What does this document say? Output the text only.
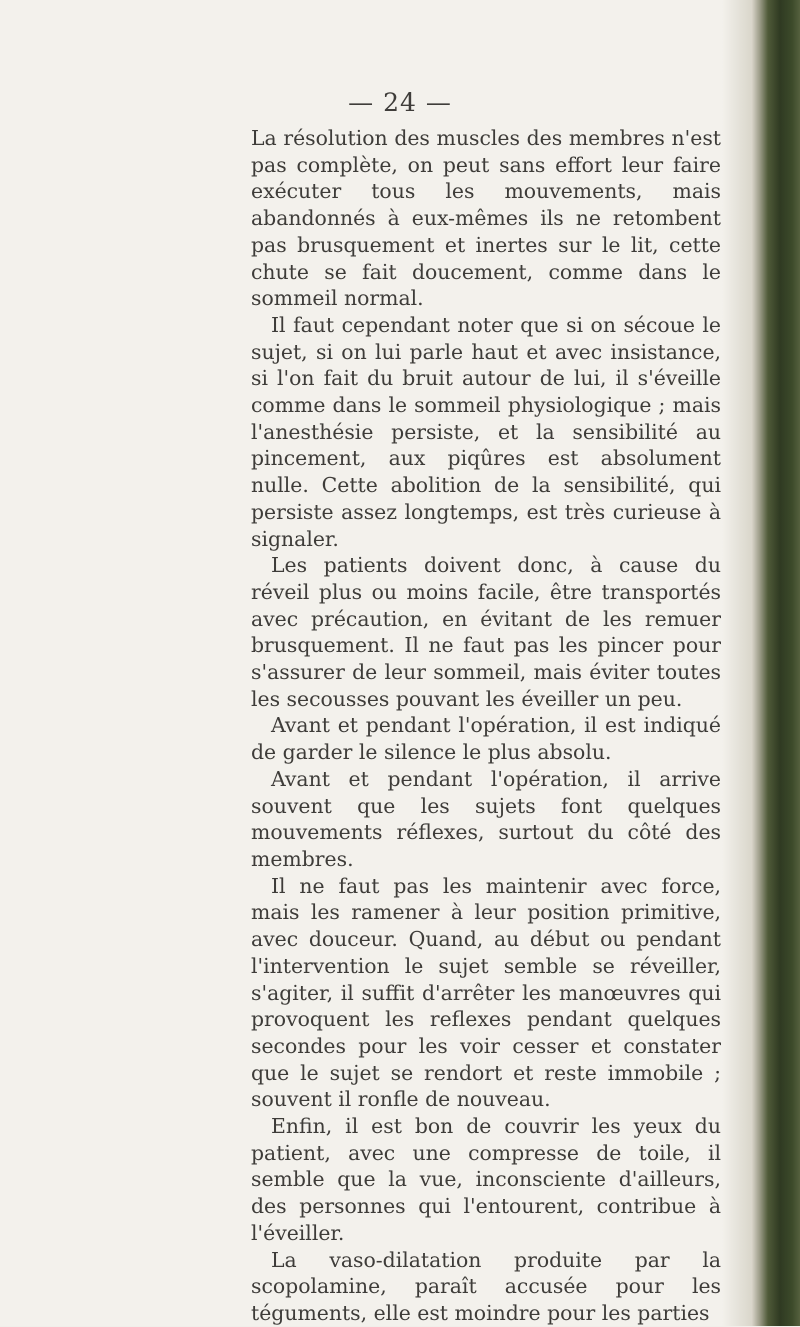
— 24 —

La résolution des muscles des membres n'est pas complète, on peut sans effort leur faire exécuter tous les mouvements, mais abandonnés à eux-mêmes ils ne retombent pas brusquement et inertes sur le lit, cette chute se fait doucement, comme dans le sommeil normal.

Il faut cependant noter que si on sécoue le sujet, si on lui parle haut et avec insistance, si l'on fait du bruit autour de lui, il s'éveille comme dans le sommeil physiologique ; mais l'anesthésie persiste, et la sensibilité au pincement, aux piqûres est absolument nulle. Cette abolition de la sensibilité, qui persiste assez longtemps, est très curieuse à signaler.

Les patients doivent donc, à cause du réveil plus ou moins facile, être transportés avec précaution, en évitant de les remuer brusquement. Il ne faut pas les pincer pour s'assurer de leur sommeil, mais éviter toutes les secousses pouvant les éveiller un peu.

Avant et pendant l'opération, il est indiqué de garder le silence le plus absolu.

Avant et pendant l'opération, il arrive souvent que les sujets font quelques mouvements réflexes, surtout du côté des membres.

Il ne faut pas les maintenir avec force, mais les ramener à leur position primitive, avec douceur. Quand, au début ou pendant l'intervention le sujet semble se réveiller, s'agiter, il suffit d'arrêter les manœuvres qui provoquent les reflexes pendant quelques secondes pour les voir cesser et constater que le sujet se rendort et reste immobile ; souvent il ronfle de nouveau.

Enfin, il est bon de couvrir les yeux du patient, avec une compresse de toile, il semble que la vue, inconsciente d'ailleurs, des personnes qui l'entourent, contribue à l'éveiller.

La vaso-dilatation produite par la scopolamine, paraît accusée pour les téguments, elle est moindre pour les parties
